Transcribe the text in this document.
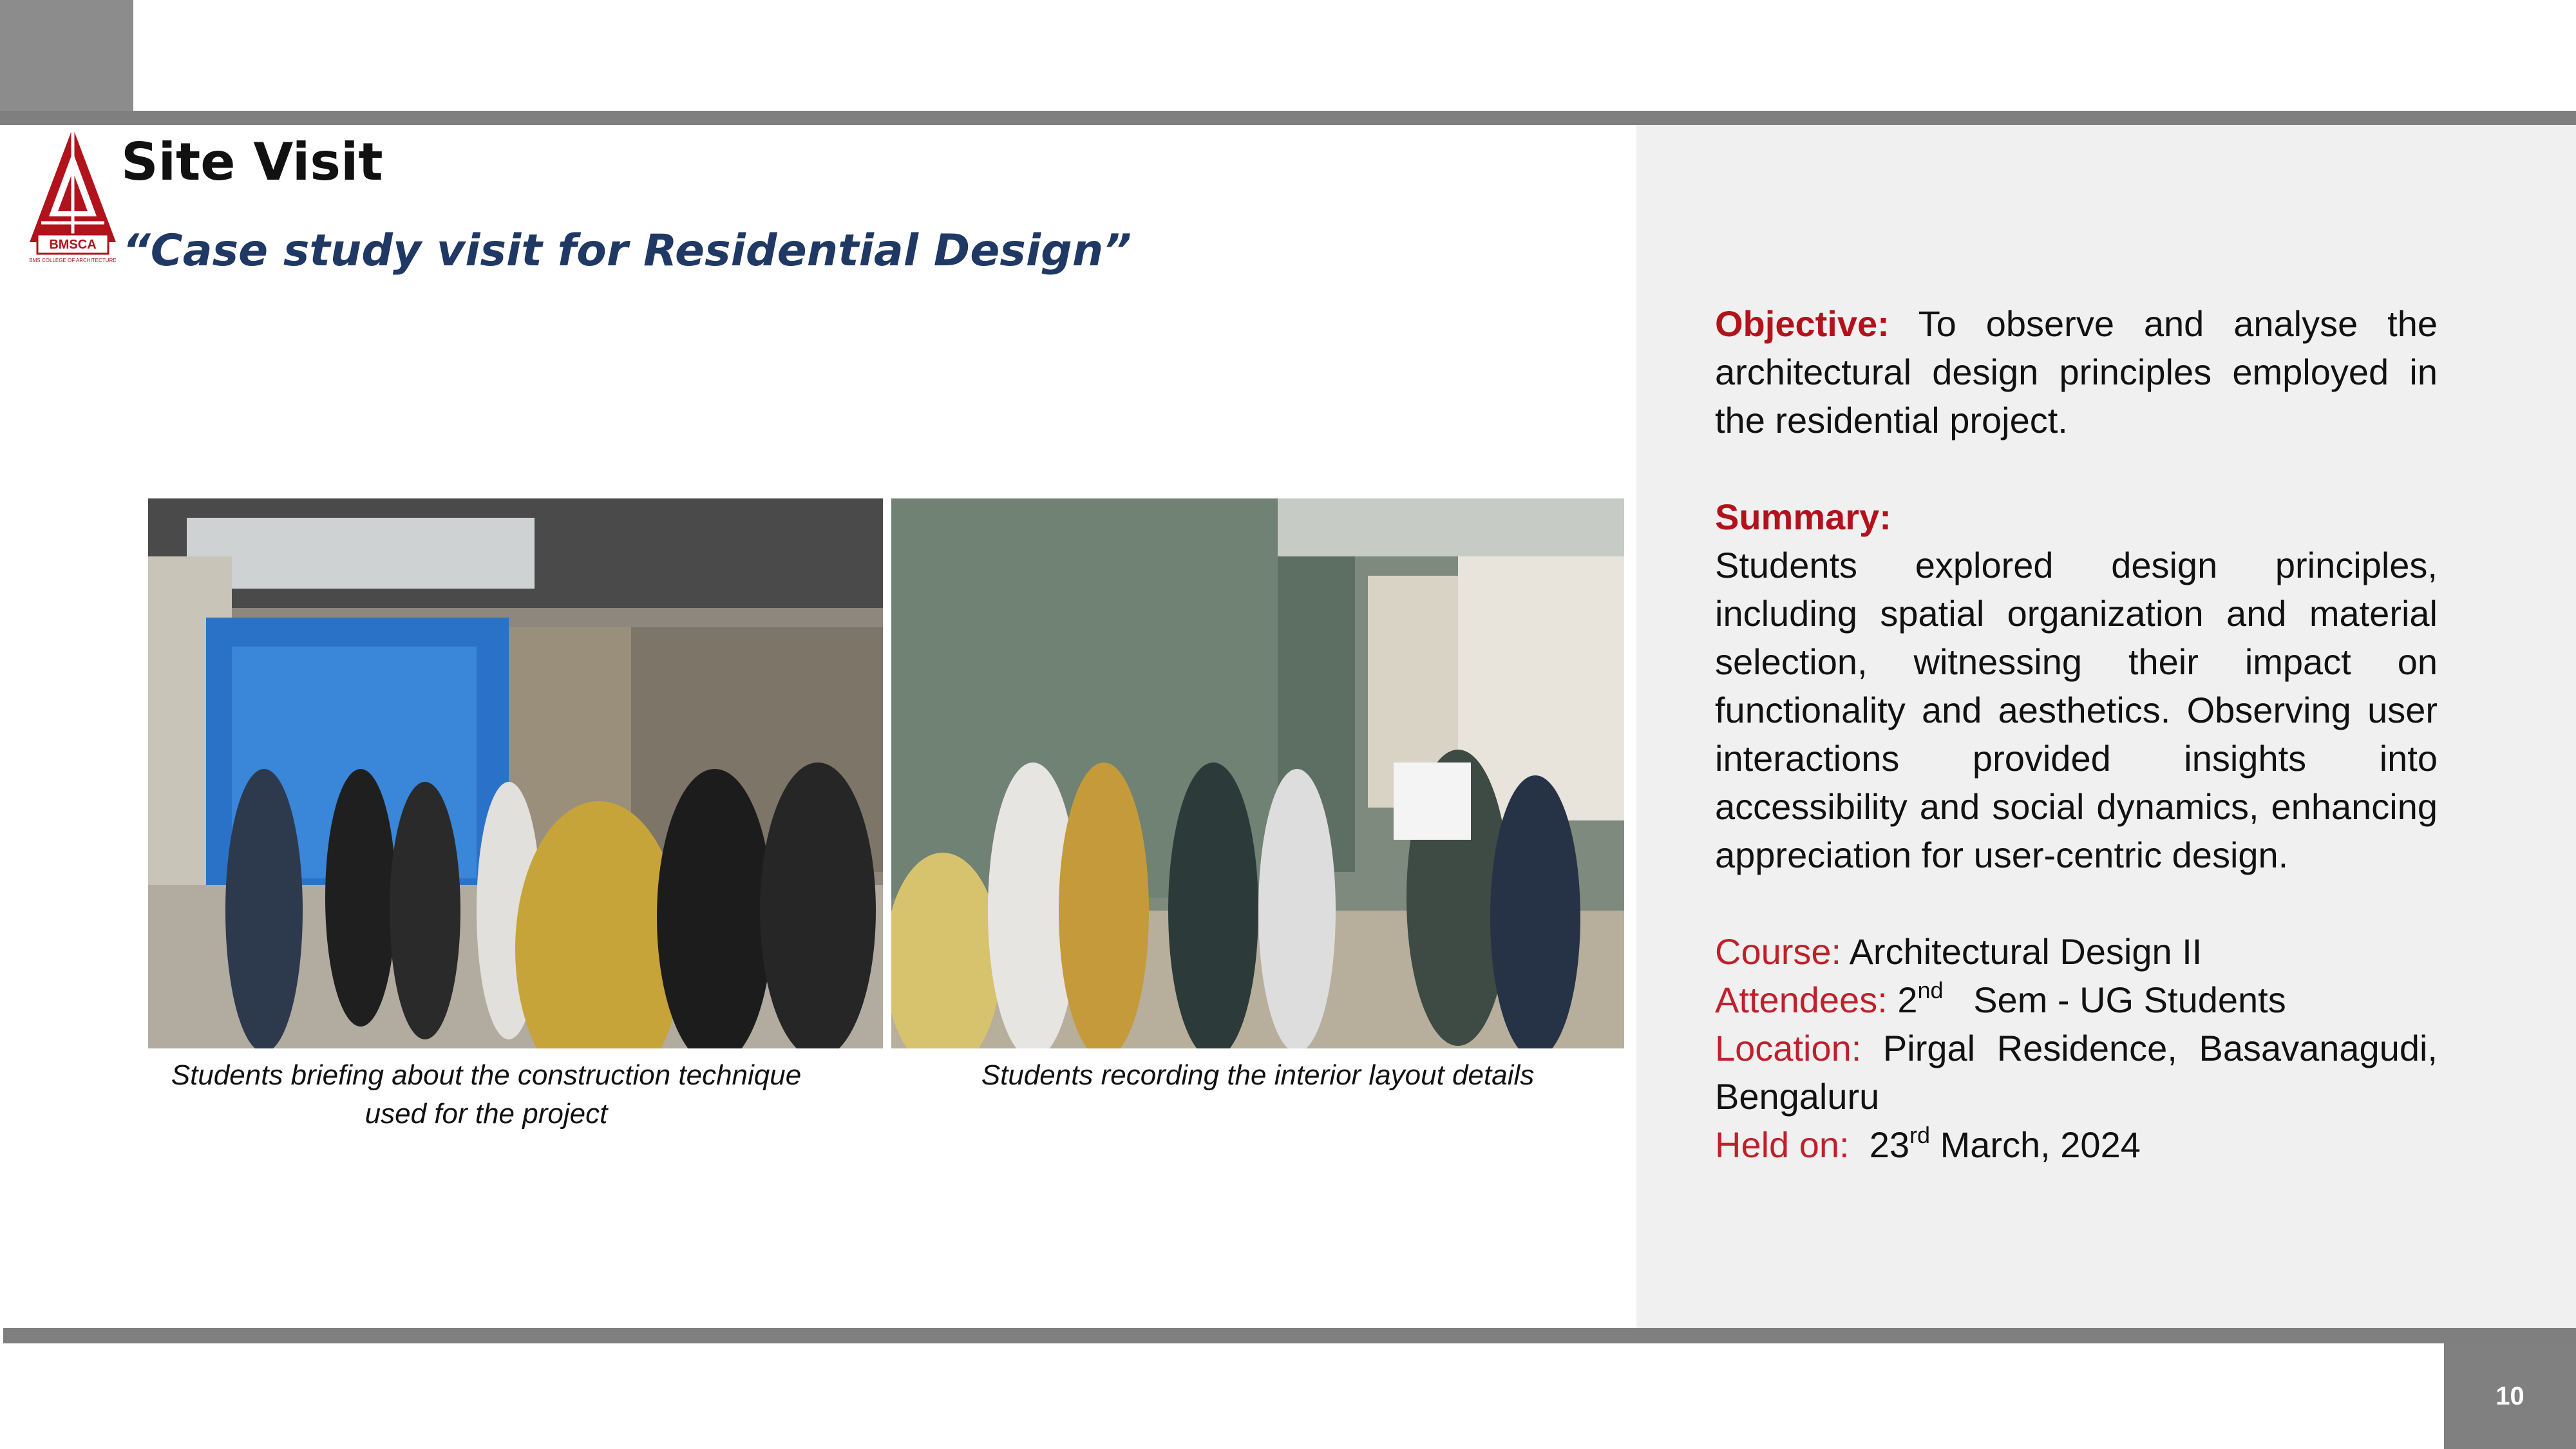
10
BMSCA
BMS COLLEGE OF ARCHITECTURE
Site Visit
“Case study visit for Residential Design”
Students briefing about the construction technique used for the project
Students recording the interior layout details

Objective: To observe and analyse the architectural design principles employed in the residential project.

Summary:

Students explored design principles, including spatial organization and material selection, witnessing their impact on functionality and aesthetics. Observing user interactions provided insights into accessibility and social dynamics, enhancing appreciation for user-centric design.

Course: Architectural Design II

Attendees: 2nd Sem - UG Students

Location: Pirgal Residence, Basavanagudi, Bengaluru

Held on: 23rd March, 2024
